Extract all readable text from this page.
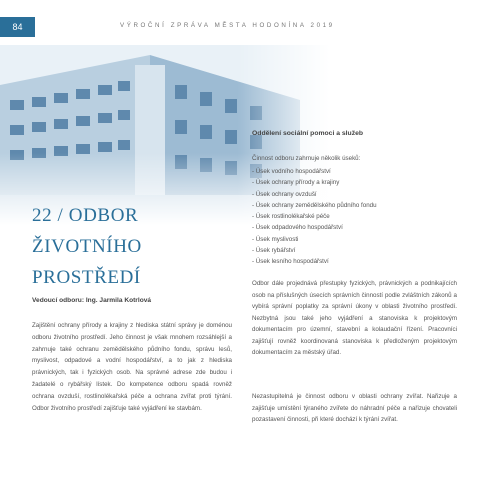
84	VÝROČNÍ ZPRÁVA MĚSTA HODONÍNA 2019
22 / ODBOR
ŽIVOTNÍHO
PROSTŘEDÍ
Vedoucí odboru: Ing. Jarmila Kotrlová

Zajištění ochrany přírody a krajiny z hlediska státní správy je doménou odboru životního prostředí. Jeho činnost je však mnohem rozsáhlejší a zahrnuje také ochranu zemědělského půdního fondu, správu lesů, myslivost, odpadové a vodní hospodářství, a to jak z hlediska právnických, tak i fyzických osob. Na správné adrese zde budou i žadatelé o rybářský lístek. Do kompetence odboru spadá rovněž ochrana ovzduší, rostlinolékařská péče a ochrana zvířat proti týrání. Odbor životního prostředí zajišťuje také vyjádření ke stavbám.

Oddělení sociální pomoci a služeb

Činnost odboru zahrnuje několik úseků:

- Úsek vodního hospodářství
- Úsek ochrany přírody a krajiny
- Úsek ochrany ovzduší
- Úsek ochrany zemědělského půdního fondu
- Úsek rostlinolékařské péče
- Úsek odpadového hospodářství
- Úsek myslivosti
- Úsek rybářství
- Úsek lesního hospodářství

Odbor dále projednává přestupky fyzických, právnických a podnikajících osob na příslušných úsecích správních činností podle zvláštních zákonů a vybírá správní poplatky za správní úkony v oblasti životního prostředí. Nezbytná jsou také jeho vyjádření a stanoviska k projektovým dokumentacím pro územní, stavební a kolaudační řízení. Pracovníci zajišťují rovněž koordinovaná stanoviska k předloženým projektovým dokumentacím za městský úřad.

Nezastupitelná je činnost odboru v oblasti ochrany zvířat. Nařizuje a zajišťuje umístění týraného zvířete do náhradní péče a nařizuje chovateli pozastavení činnosti, při které dochází k týrání zvířat.
